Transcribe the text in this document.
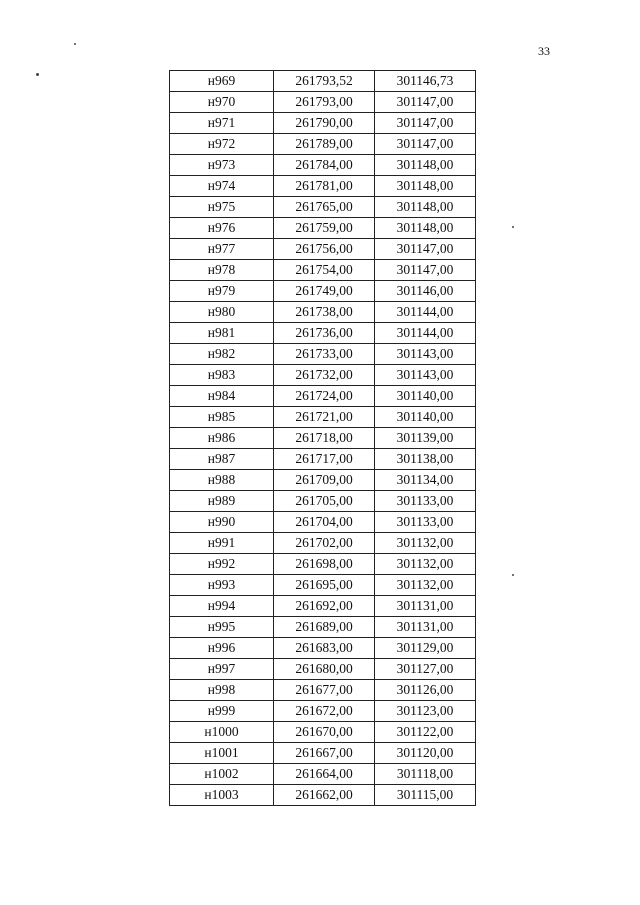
33
н969	261793,52	301146,73
н970	261793,00	301147,00
н971	261790,00	301147,00
н972	261789,00	301147,00
н973	261784,00	301148,00
н974	261781,00	301148,00
н975	261765,00	301148,00
н976	261759,00	301148,00
н977	261756,00	301147,00
н978	261754,00	301147,00
н979	261749,00	301146,00
н980	261738,00	301144,00
н981	261736,00	301144,00
н982	261733,00	301143,00
н983	261732,00	301143,00
н984	261724,00	301140,00
н985	261721,00	301140,00
н986	261718,00	301139,00
н987	261717,00	301138,00
н988	261709,00	301134,00
н989	261705,00	301133,00
н990	261704,00	301133,00
н991	261702,00	301132,00
н992	261698,00	301132,00
н993	261695,00	301132,00
н994	261692,00	301131,00
н995	261689,00	301131,00
н996	261683,00	301129,00
н997	261680,00	301127,00
н998	261677,00	301126,00
н999	261672,00	301123,00
н1000	261670,00	301122,00
н1001	261667,00	301120,00
н1002	261664,00	301118,00
н1003	261662,00	301115,00
